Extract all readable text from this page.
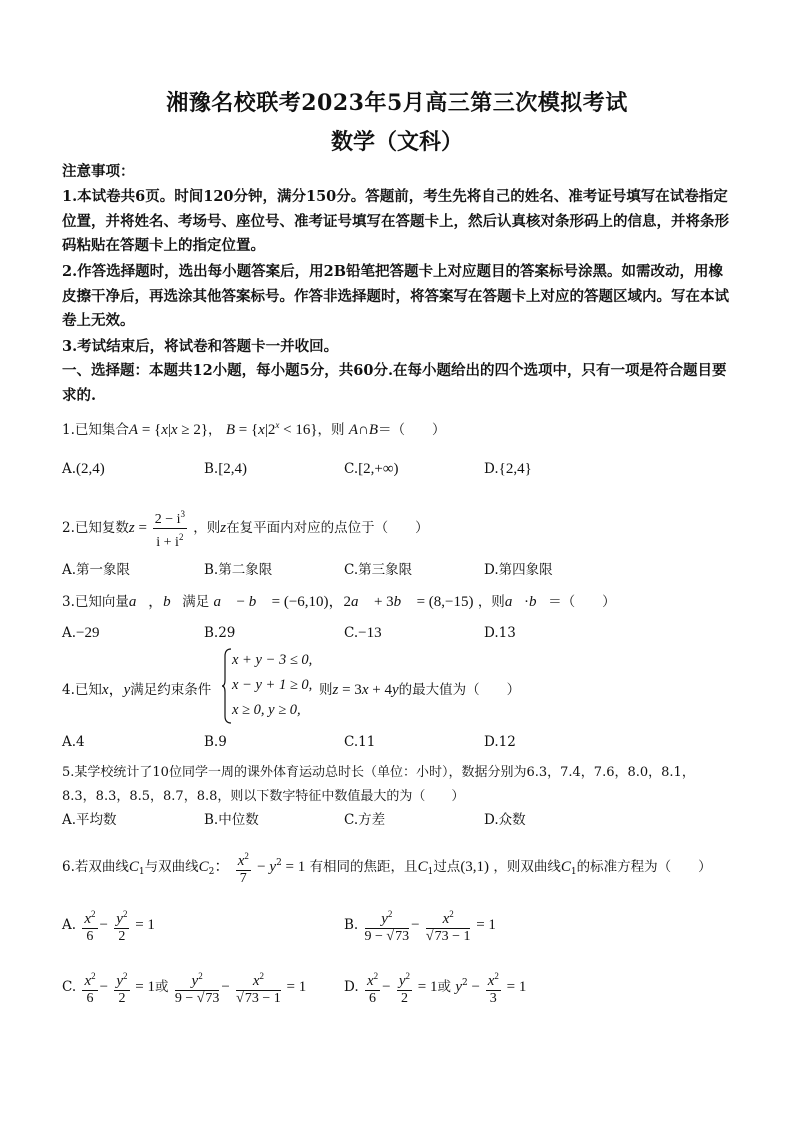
湘豫名校联考2023年5月高三第三次模拟考试
数学（文科）
注意事项：
1.本试卷共6页。时间120分钟，满分150分。答题前，考生先将自己的姓名、准考证号填写在试卷指定位置，并将姓名、考场号、座位号、准考证号填写在答题卡上，然后认真核对条形码上的信息，并将条形码粘贴在答题卡上的指定位置。
2.作答选择题时，选出每小题答案后，用2B铅笔把答题卡上对应题目的答案标号涂黑。如需改动，用橡皮擦干净后，再选涂其他答案标号。作答非选择题时，将答案写在答题卡上对应的答题区域内。写在本试卷上无效。
3.考试结束后，将试卷和答题卡一并收回。
一、选择题：本题共12小题，每小题5分，共60分.在每小题给出的四个选项中，只有一项是符合题目要求的.
1.已知集合A = {x|x ≥ 2}， $B = \{x|2^x < 16\}$，则 A∩B＝（　　）
A.(2,4)	B.[2,4)	C.[2,+∞)	D.{2,4}
2.已知复数$z = \frac{2 - i^3}{i + i^2}$ ，则z在复平面内对应的点位于（　　）
A.第一象限	B.第二象限	C.第三象限	D.第四象限
3.已知向量a⃗，b⃗满足 a⃗ − b⃗ = (−6,10)，2a⃗ + 3b⃗ = (8,−15) ，则a⃗·b⃗＝（　　）
A.−29	B.29	C.−13	D.13
4.已知x，y满足约束条件
x + y − 3 ≤ 0,
x − y + 1 ≥ 0,
x ≥ 0, y ≥ 0,
则z = 3x + 4y的最大值为（　　）
A.4	B.9	C.11	D.12
5.某学校统计了10位同学一周的课外体育运动总时长（单位：小时），数据分别为6.3，7.4，7.6，8.0，8.1，
8.3，8.3，8.5，8.7，8.8，则以下数字特征中数值最大的为（　　）
A.平均数	B.中位数	C.方差	D.众数
6.若双曲线$C_1$与双曲线$C_2$： $\frac{x^2}{7} - y^2 = 1$ 有相同的焦距，且$C_1$过点(3,1) ，则双曲线$C_1$的标准方程为（　　）
A. $\frac{x^2}{6} - \frac{y^2}{2} = 1$	B. $\frac{y^2}{9 - √73} - \frac{x^2}{√73 - 1} = 1$
C. $\frac{x^2}{6} - \frac{y^2}{2} = 1$或 $\frac{y^2}{9 - √73} - \frac{x^2}{√73 - 1} = 1$	D. $\frac{x^2}{6} - \frac{y^2}{2} = 1$或 $y^2 - \frac{x^2}{3} = 1$
